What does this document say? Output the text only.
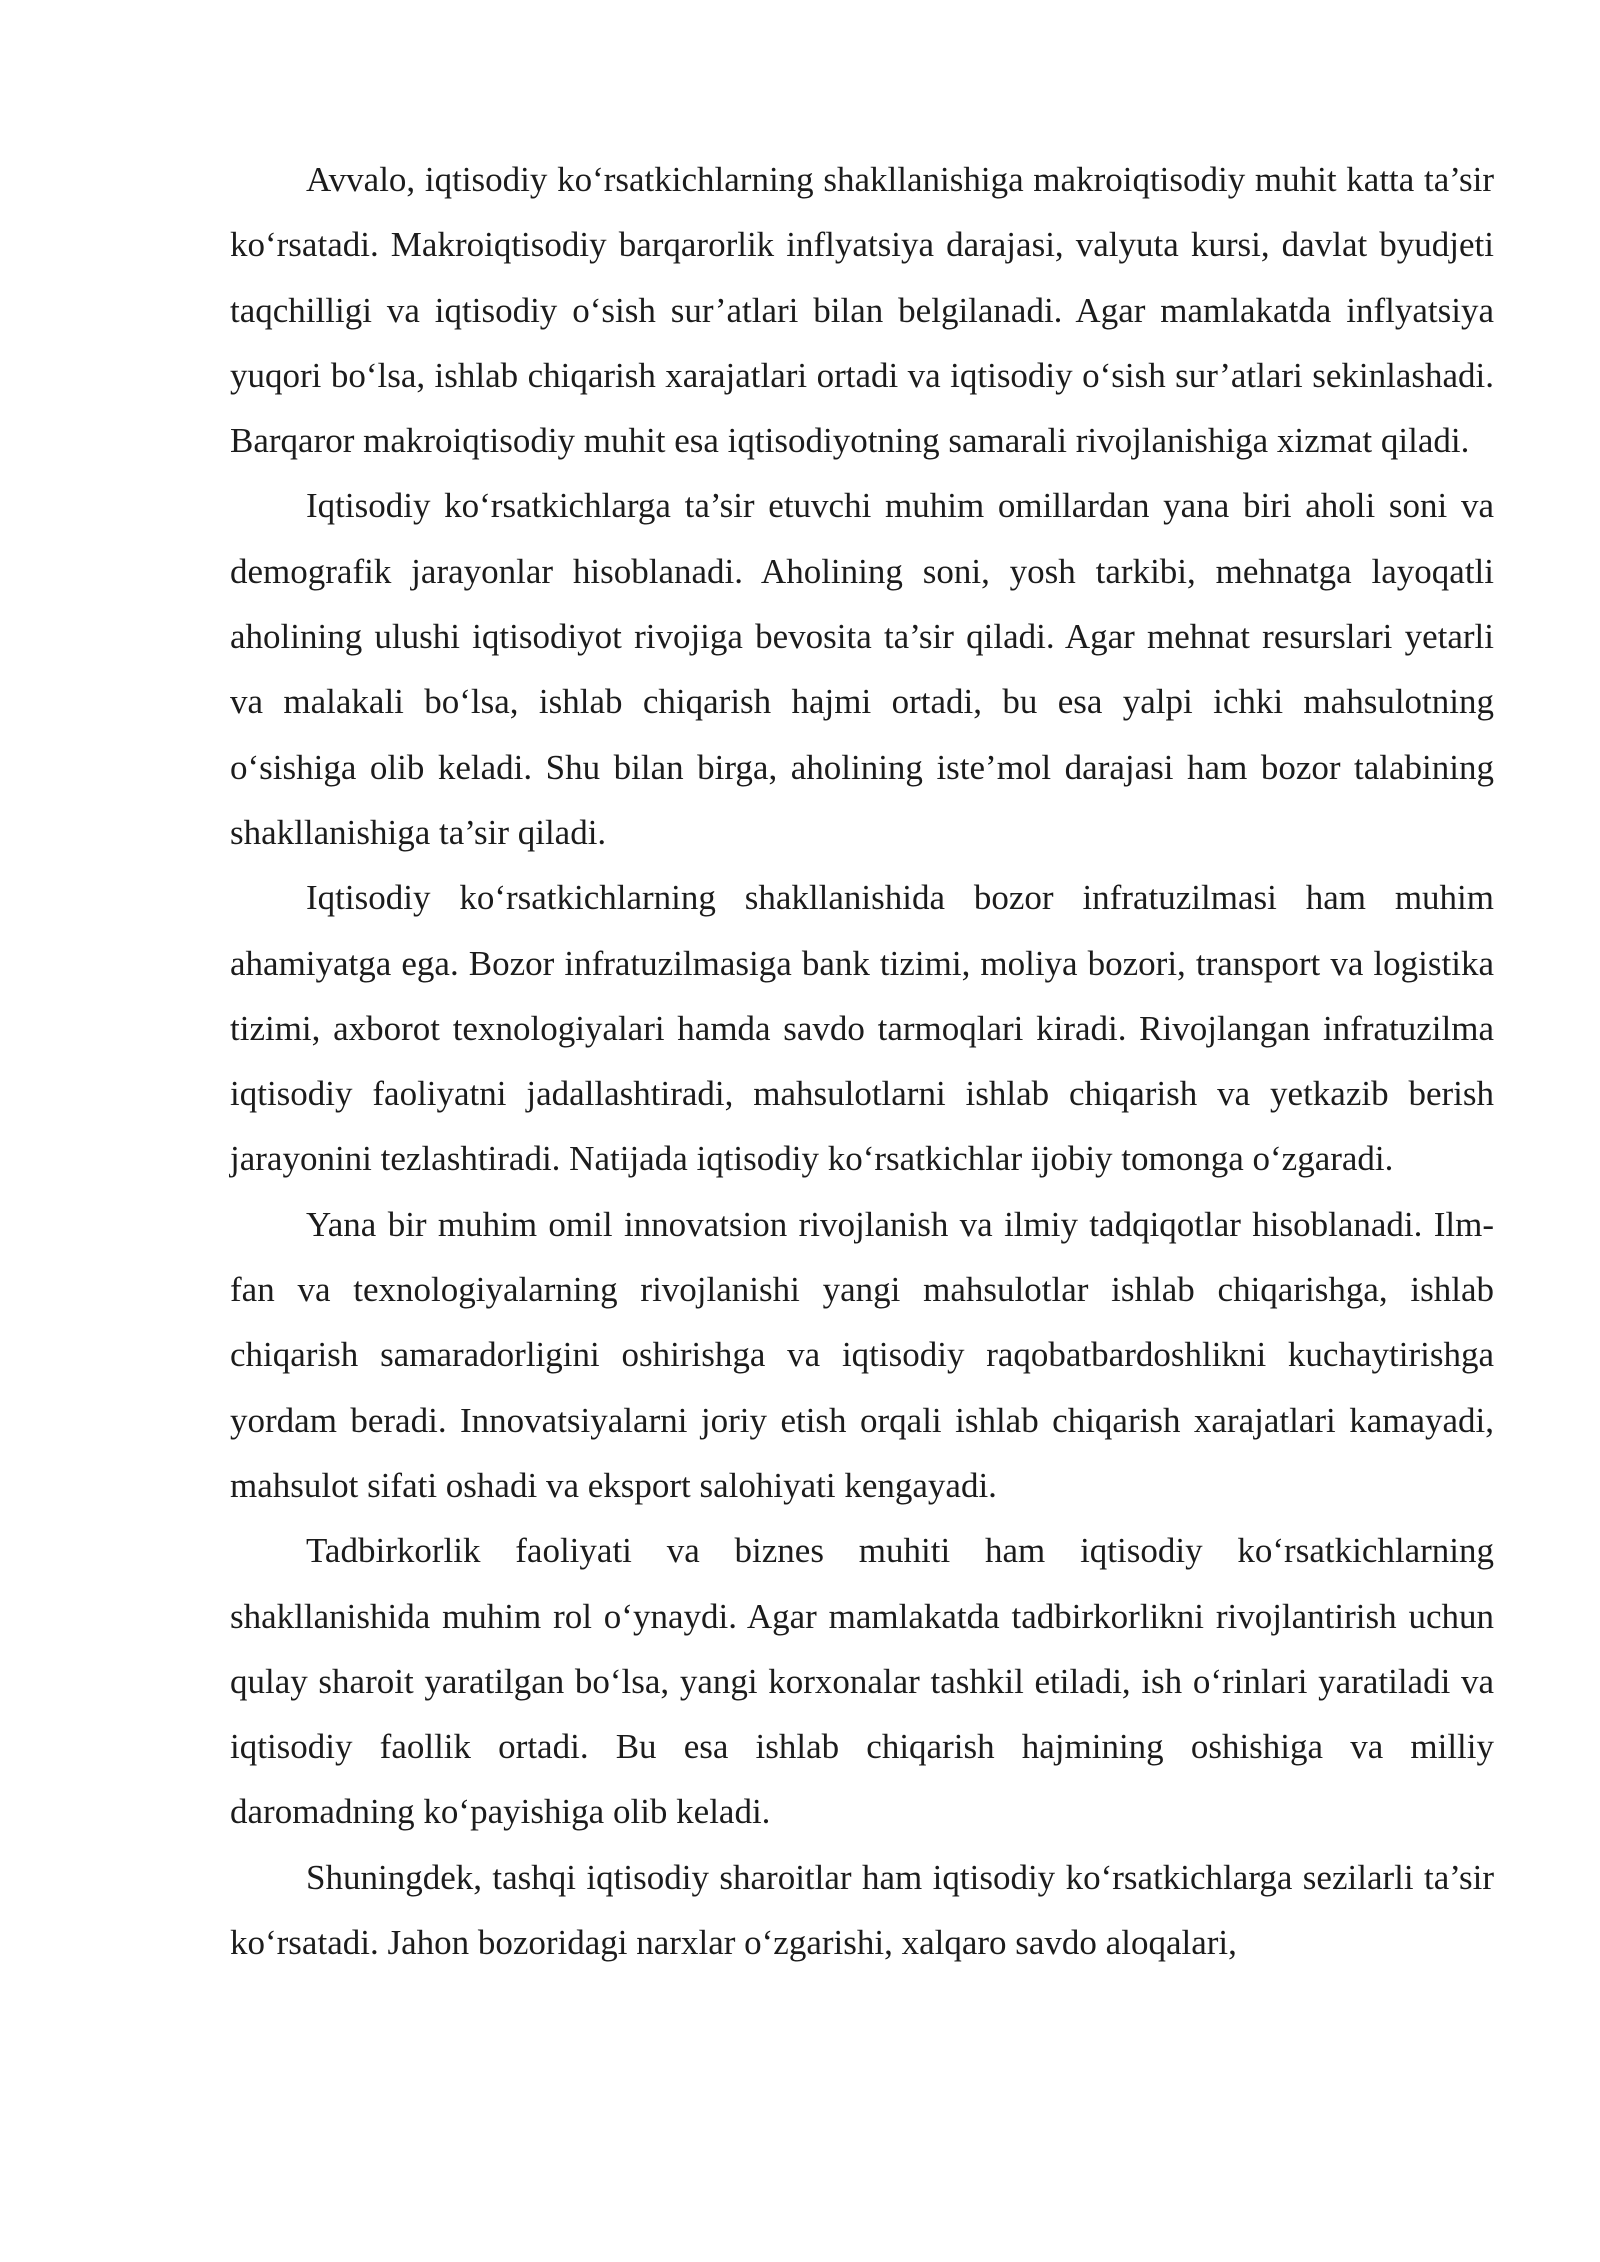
Avvalo, iqtisodiy ko‘rsatkichlarning shakllanishiga makroiqtisodiy muhit katta ta’sir ko‘rsatadi. Makroiqtisodiy barqarorlik inflyatsiya darajasi, valyuta kursi, davlat byudjeti taqchilligi va iqtisodiy o‘sish sur’atlari bilan belgilanadi. Agar mamlakatda inflyatsiya yuqori bo‘lsa, ishlab chiqarish xarajatlari ortadi va iqtisodiy o‘sish sur’atlari sekinlashadi. Barqaror makroiqtisodiy muhit esa iqtisodiyotning samarali rivojlanishiga xizmat qiladi.

Iqtisodiy ko‘rsatkichlarga ta’sir etuvchi muhim omillardan yana biri aholi soni va demografik jarayonlar hisoblanadi. Aholining soni, yosh tarkibi, mehnatga layoqatli aholining ulushi iqtisodiyot rivojiga bevosita ta’sir qiladi. Agar mehnat resurslari yetarli va malakali bo‘lsa, ishlab chiqarish hajmi ortadi, bu esa yalpi ichki mahsulotning o‘sishiga olib keladi. Shu bilan birga, aholining iste’mol darajasi ham bozor talabining shakllanishiga ta’sir qiladi.

Iqtisodiy ko‘rsatkichlarning shakllanishida bozor infratuzilmasi ham muhim ahamiyatga ega. Bozor infratuzilmasiga bank tizimi, moliya bozori, transport va logistika tizimi, axborot texnologiyalari hamda savdo tarmoqlari kiradi. Rivojlangan infratuzilma iqtisodiy faoliyatni jadallashtiradi, mahsulotlarni ishlab chiqarish va yetkazib berish jarayonini tezlashtiradi. Natijada iqtisodiy ko‘rsatkichlar ijobiy tomonga o‘zgaradi.

Yana bir muhim omil innovatsion rivojlanish va ilmiy tadqiqotlar hisoblanadi. Ilm-fan va texnologiyalarning rivojlanishi yangi mahsulotlar ishlab chiqarishga, ishlab chiqarish samaradorligini oshirishga va iqtisodiy raqobatbardoshlikni kuchaytirishga yordam beradi. Innovatsiyalarni joriy etish orqali ishlab chiqarish xarajatlari kamayadi, mahsulot sifati oshadi va eksport salohiyati kengayadi.

Tadbirkorlik faoliyati va biznes muhiti ham iqtisodiy ko‘rsatkichlarning shakllanishida muhim rol o‘ynaydi. Agar mamlakatda tadbirkorlikni rivojlantirish uchun qulay sharoit yaratilgan bo‘lsa, yangi korxonalar tashkil etiladi, ish o‘rinlari yaratiladi va iqtisodiy faollik ortadi. Bu esa ishlab chiqarish hajmining oshishiga va milliy daromadning ko‘payishiga olib keladi.

Shuningdek, tashqi iqtisodiy sharoitlar ham iqtisodiy ko‘rsatkichlarga sezilarli ta’sir ko‘rsatadi. Jahon bozoridagi narxlar o‘zgarishi, xalqaro savdo aloqalari,
